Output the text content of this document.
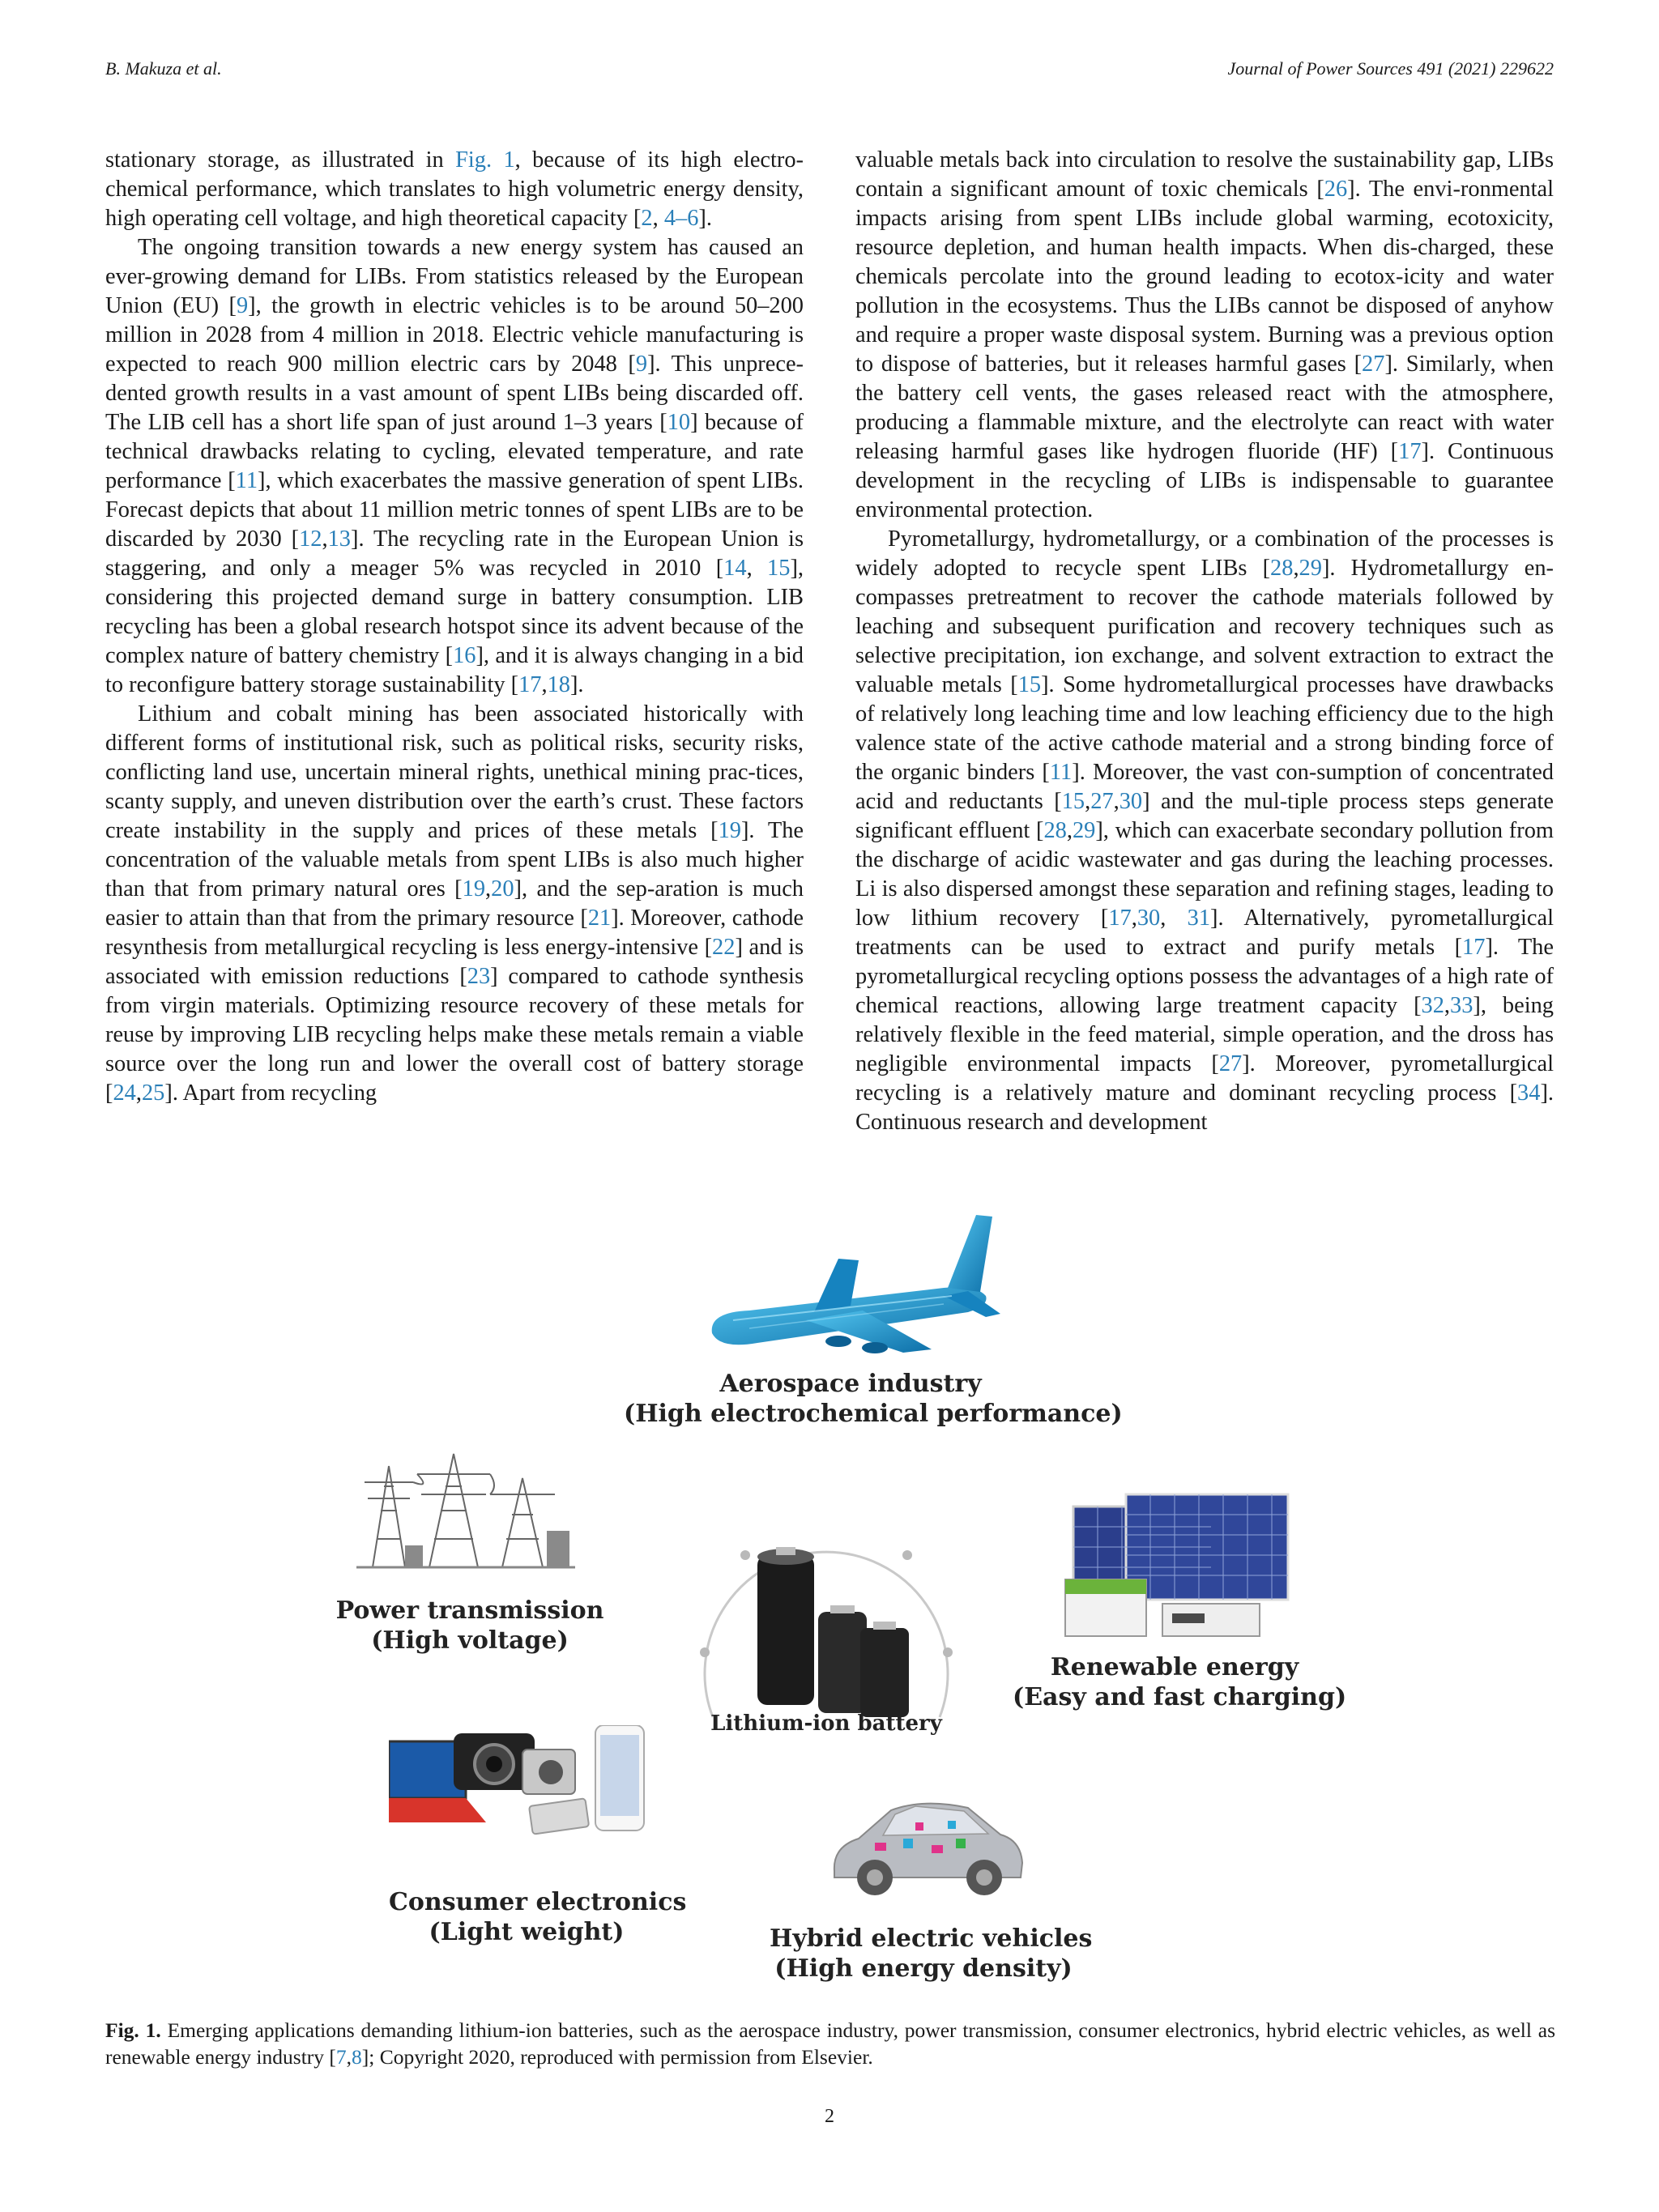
B. Makuza et al.	Journal of Power Sources 491 (2021) 229622

stationary storage, as illustrated in Fig. 1, because of its high electro-chemical performance, which translates to high volumetric energy density, high operating cell voltage, and high theoretical capacity [2, 4–6].

The ongoing transition towards a new energy system has caused an ever-growing demand for LIBs. From statistics released by the European Union (EU) [9], the growth in electric vehicles is to be around 50–200 million in 2028 from 4 million in 2018. Electric vehicle manufacturing is expected to reach 900 million electric cars by 2048 [9]. This unprece-dented growth results in a vast amount of spent LIBs being discarded off. The LIB cell has a short life span of just around 1–3 years [10] because of technical drawbacks relating to cycling, elevated temperature, and rate performance [11], which exacerbates the massive generation of spent LIBs. Forecast depicts that about 11 million metric tonnes of spent LIBs are to be discarded by 2030 [12,13]. The recycling rate in the European Union is staggering, and only a meager 5% was recycled in 2010 [14, 15], considering this projected demand surge in battery consumption. LIB recycling has been a global research hotspot since its advent because of the complex nature of battery chemistry [16], and it is always changing in a bid to reconfigure battery storage sustainability [17,18].

Lithium and cobalt mining has been associated historically with different forms of institutional risk, such as political risks, security risks, conflicting land use, uncertain mineral rights, unethical mining prac-tices, scanty supply, and uneven distribution over the earth’s crust. These factors create instability in the supply and prices of these metals [19]. The concentration of the valuable metals from spent LIBs is also much higher than that from primary natural ores [19,20], and the sep-aration is much easier to attain than that from the primary resource [21]. Moreover, cathode resynthesis from metallurgical recycling is less energy-intensive [22] and is associated with emission reductions [23] compared to cathode synthesis from virgin materials. Optimizing resource recovery of these metals for reuse by improving LIB recycling helps make these metals remain a viable source over the long run and lower the overall cost of battery storage [24,25]. Apart from recycling

valuable metals back into circulation to resolve the sustainability gap, LIBs contain a significant amount of toxic chemicals [26]. The envi-ronmental impacts arising from spent LIBs include global warming, ecotoxicity, resource depletion, and human health impacts. When dis-charged, these chemicals percolate into the ground leading to ecotox-icity and water pollution in the ecosystems. Thus the LIBs cannot be disposed of anyhow and require a proper waste disposal system. Burning was a previous option to dispose of batteries, but it releases harmful gases [27]. Similarly, when the battery cell vents, the gases released react with the atmosphere, producing a flammable mixture, and the electrolyte can react with water releasing harmful gases like hydrogen fluoride (HF) [17]. Continuous development in the recycling of LIBs is indispensable to guarantee environmental protection.

Pyrometallurgy, hydrometallurgy, or a combination of the processes is widely adopted to recycle spent LIBs [28,29]. Hydrometallurgy en-compasses pretreatment to recover the cathode materials followed by leaching and subsequent purification and recovery techniques such as selective precipitation, ion exchange, and solvent extraction to extract the valuable metals [15]. Some hydrometallurgical processes have drawbacks of relatively long leaching time and low leaching efficiency due to the high valence state of the active cathode material and a strong binding force of the organic binders [11]. Moreover, the vast con-sumption of concentrated acid and reductants [15,27,30] and the mul-tiple process steps generate significant effluent [28,29], which can exacerbate secondary pollution from the discharge of acidic wastewater and gas during the leaching processes. Li is also dispersed amongst these separation and refining stages, leading to low lithium recovery [17,30, 31]. Alternatively, pyrometallurgical treatments can be used to extract and purify metals [17]. The pyrometallurgical recycling options possess the advantages of a high rate of chemical reactions, allowing large treatment capacity [32,33], being relatively flexible in the feed material, simple operation, and the dross has negligible environmental impacts [27]. Moreover, pyrometallurgical recycling is a relatively mature and dominant recycling process [34]. Continuous research and development

Aerospace industry
(High electrochemical performance)
Power transmission
(High voltage)
Lithium-ion battery
Renewable energy
(Easy and fast charging)
Consumer electronics
(Light weight)	Hybrid electric vehicles
(High energy density)
Fig. 1. Emerging applications demanding lithium-ion batteries, such as the aerospace industry, power transmission, consumer electronics, hybrid electric vehicles, as well as renewable energy industry [7,8]; Copyright 2020, reproduced with permission from Elsevier.
2
